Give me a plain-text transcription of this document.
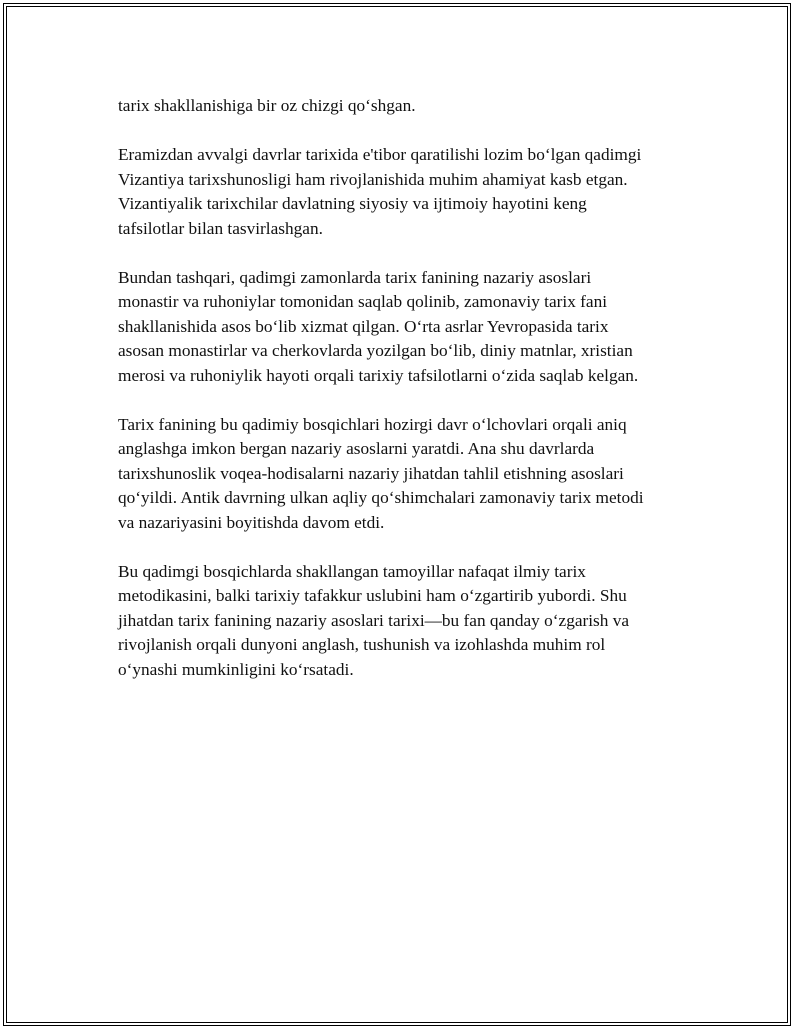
tarix shakllanishiga bir oz chizgi qo‘shgan.

Eramizdan avvalgi davrlar tarixida e'tibor qaratilishi lozim bo‘lgan qadimgi
Vizantiya tarixshunosligi ham rivojlanishida muhim ahamiyat kasb etgan.
Vizantiyalik tarixchilar davlatning siyosiy va ijtimoiy hayotini keng
tafsilotlar bilan tasvirlashgan.

Bundan tashqari, qadimgi zamonlarda tarix fanining nazariy asoslari
monastir va ruhoniylar tomonidan saqlab qolinib, zamonaviy tarix fani
shakllanishida asos bo‘lib xizmat qilgan. O‘rta asrlar Yevropasida tarix
asosan monastirlar va cherkovlarda yozilgan bo‘lib, diniy matnlar, xristian
merosi va ruhoniylik hayoti orqali tarixiy tafsilotlarni o‘zida saqlab kelgan.

Tarix fanining bu qadimiy bosqichlari hozirgi davr o‘lchovlari orqali aniq
anglashga imkon bergan nazariy asoslarni yaratdi. Ana shu davrlarda
tarixshunoslik voqea-hodisalarni nazariy jihatdan tahlil etishning asoslari
qo‘yildi. Antik davrning ulkan aqliy qo‘shimchalari zamonaviy tarix metodi
va nazariyasini boyitishda davom etdi.

Bu qadimgi bosqichlarda shakllangan tamoyillar nafaqat ilmiy tarix
metodikasini, balki tarixiy tafakkur uslubini ham o‘zgartirib yubordi. Shu
jihatdan tarix fanining nazariy asoslari tarixi—bu fan qanday o‘zgarish va
rivojlanish orqali dunyoni anglash, tushunish va izohlashda muhim rol
o‘ynashi mumkinligini ko‘rsatadi.
